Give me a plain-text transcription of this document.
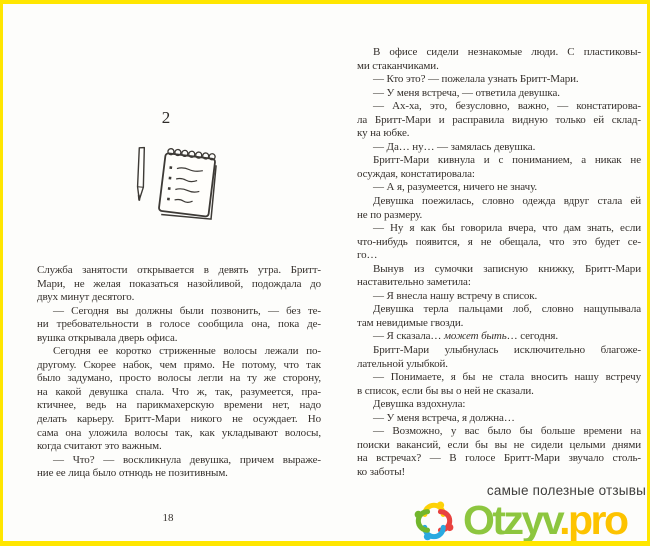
2
Служба занятости открывается в девять утра. Бритт-
Мари, не желая показаться назойливой, подождала до
двух минут десятого.
— Сегодня вы должны были позвонить, — без те-
ни требовательности в голосе сообщила она, пока де-
вушка открывала дверь офиса.
Сегодня ее коротко стриженные волосы лежали по-
другому. Скорее набок, чем прямо. Не потому, что так
было задумано, просто волосы легли на ту же сторону,
на какой девушка спала. Что ж, так, разумеется, пра-
ктичнее, ведь на парикмахерскую времени нет, надо
делать карьеру. Бритт-Мари никого не осуждает. Но
сама она уложила волосы так, как укладывают волосы,
когда считают это важным.
— Что? — воскликнула девушка, причем выраже-
ние ее лица было отнюдь не позитивным.
18
В офисе сидели незнакомые люди. С пластиковы-
ми стаканчиками.
— Кто это? — пожелала узнать Бритт-Мари.
— У меня встреча, — ответила девушка.
— Ах-ха, это, безусловно, важно, — констатирова-
ла Бритт-Мари и расправила видную только ей склад-
ку на юбке.
— Да… ну… — замялась девушка.
Бритт-Мари кивнула и с пониманием, а никак не
осуждая, констатировала:
— А я, разумеется, ничего не значу.
Девушка поежилась, словно одежда вдруг стала ей
не по размеру.
— Ну я как бы говорила вчера, что дам знать, если
что-нибудь появится, я не обещала, что это будет се-
го…
Вынув из сумочки записную книжку, Бритт-Мари
наставительно заметила:
— Я внесла нашу встречу в список.
Девушка терла пальцами лоб, словно нащупывала
там невидимые гвозди.
— Я сказала… может быть… сегодня.
Бритт-Мари улыбнулась исключительно благоже-
лательной улыбкой.
— Понимаете, я бы не стала вносить нашу встречу
в список, если бы вы о ней не сказали.
Девушка вздохнула:
— У меня встреча, я должна…
— Возможно, у вас было бы больше времени на
поиски вакансий, если бы вы не сидели целыми днями
на встречах? — В голосе Бритт-Мари звучало столь-
ко заботы!
самые полезные отзывы
Otzyv.pro
